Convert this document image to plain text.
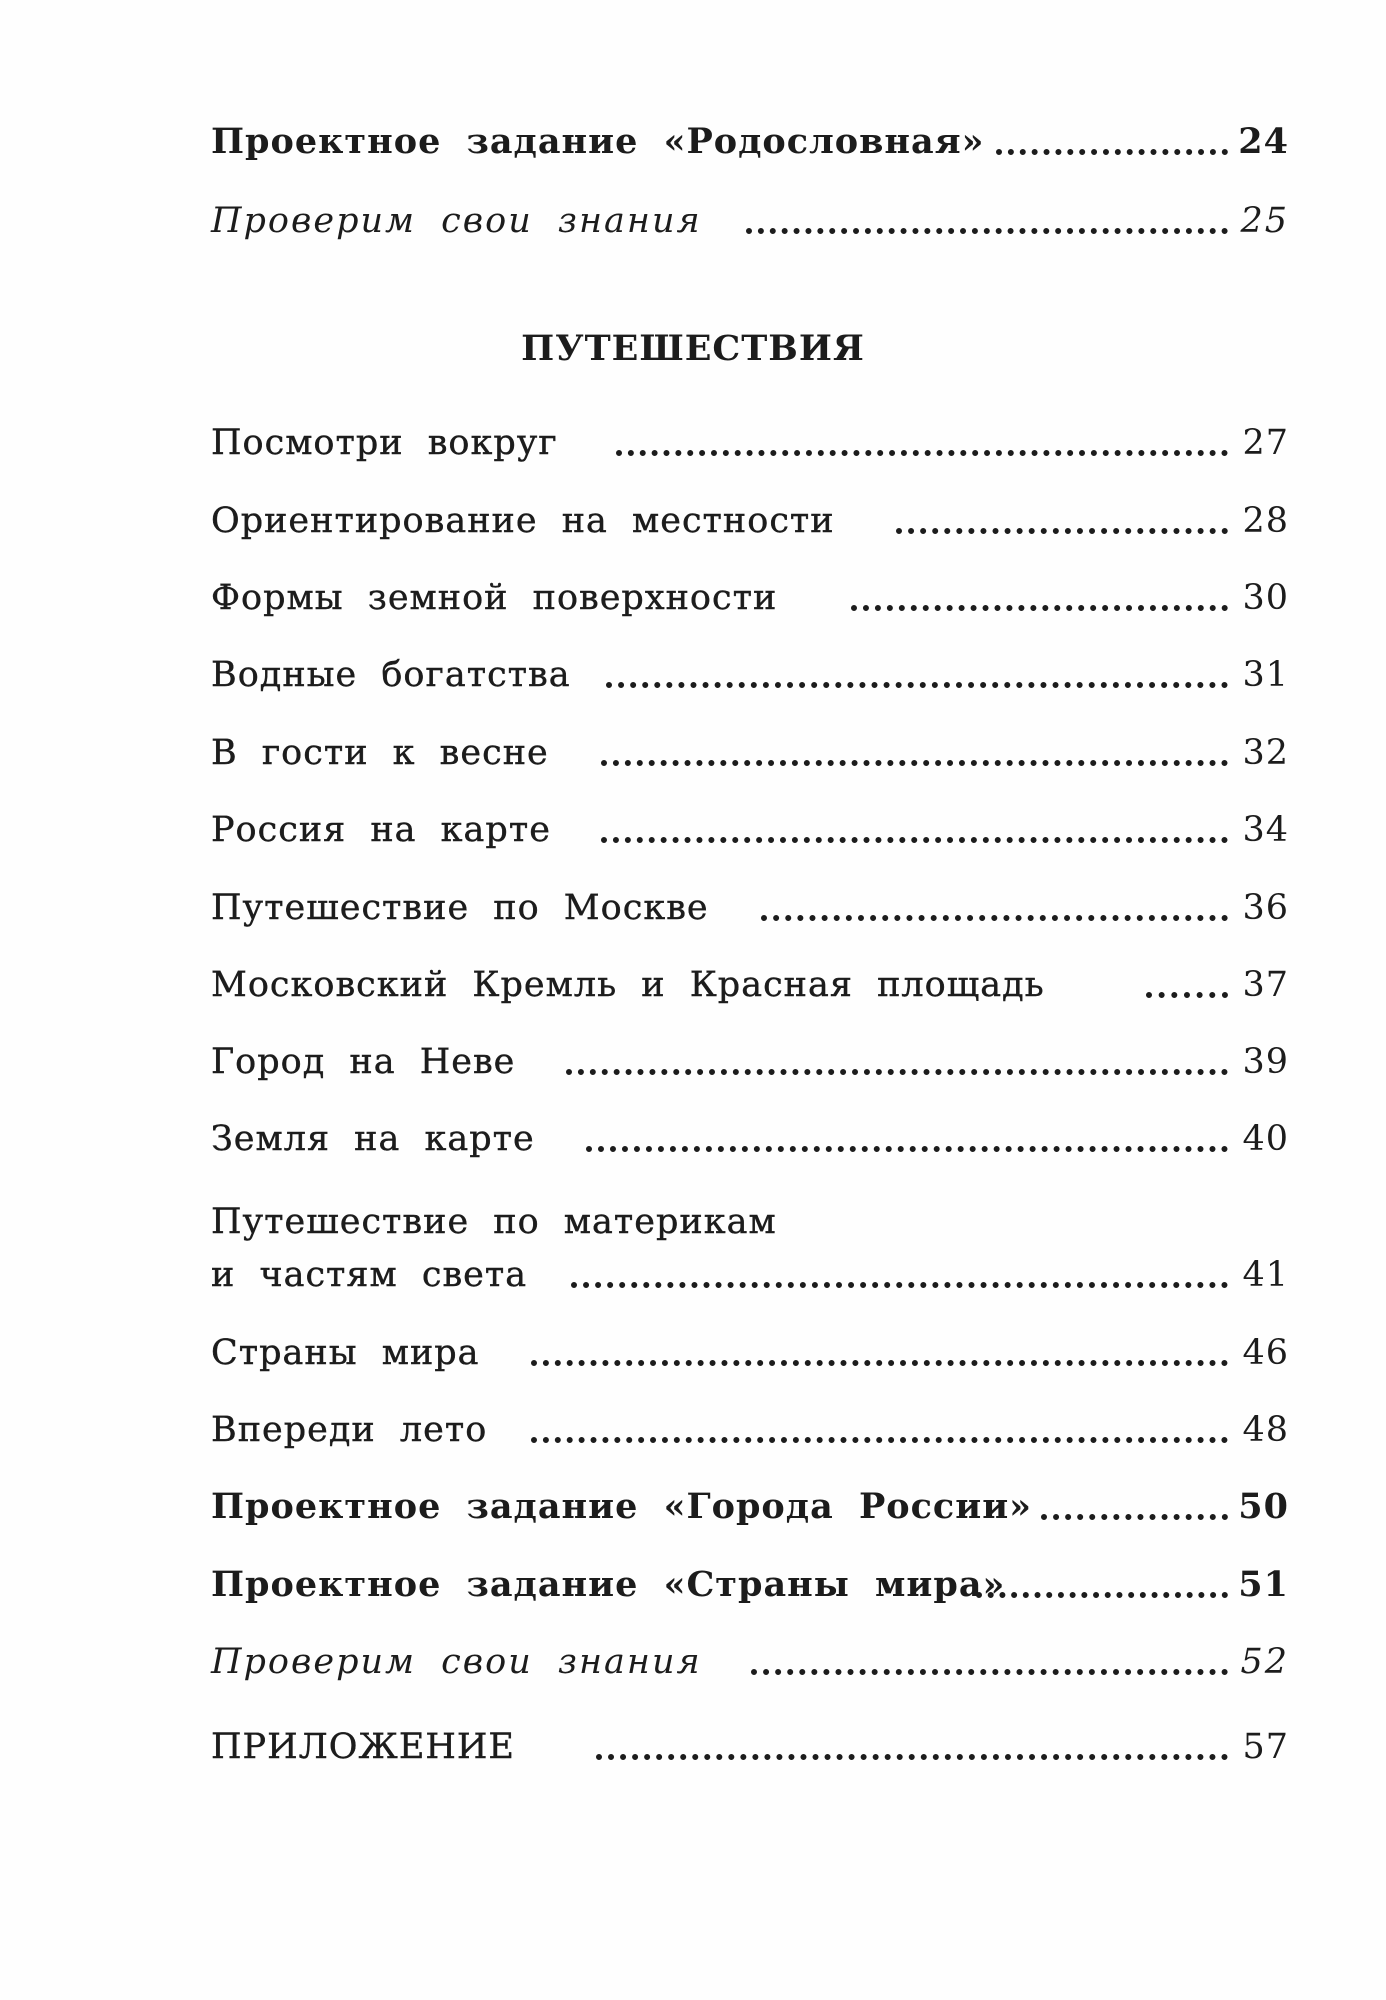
Проектное задание «Родословная»	24
Проверим свои знания	25
ПУТЕШЕСТВИЯ
Посмотри вокруг	27
Ориентирование на местности	28
Формы земной поверхности	30
Водные богатства	31
В гости к весне	32
Россия на карте	34
Путешествие по Москве	36
Московский Кремль и Красная площадь	37
Город на Неве	39
Земля на карте	40
Путешествие по материкам
и частям света	41
Страны мира	46
Впереди лето	48
Проектное задание «Города России»	50
Проектное задание «Страны мира»	51
Проверим свои знания	52
ПРИЛОЖЕНИЕ	57
